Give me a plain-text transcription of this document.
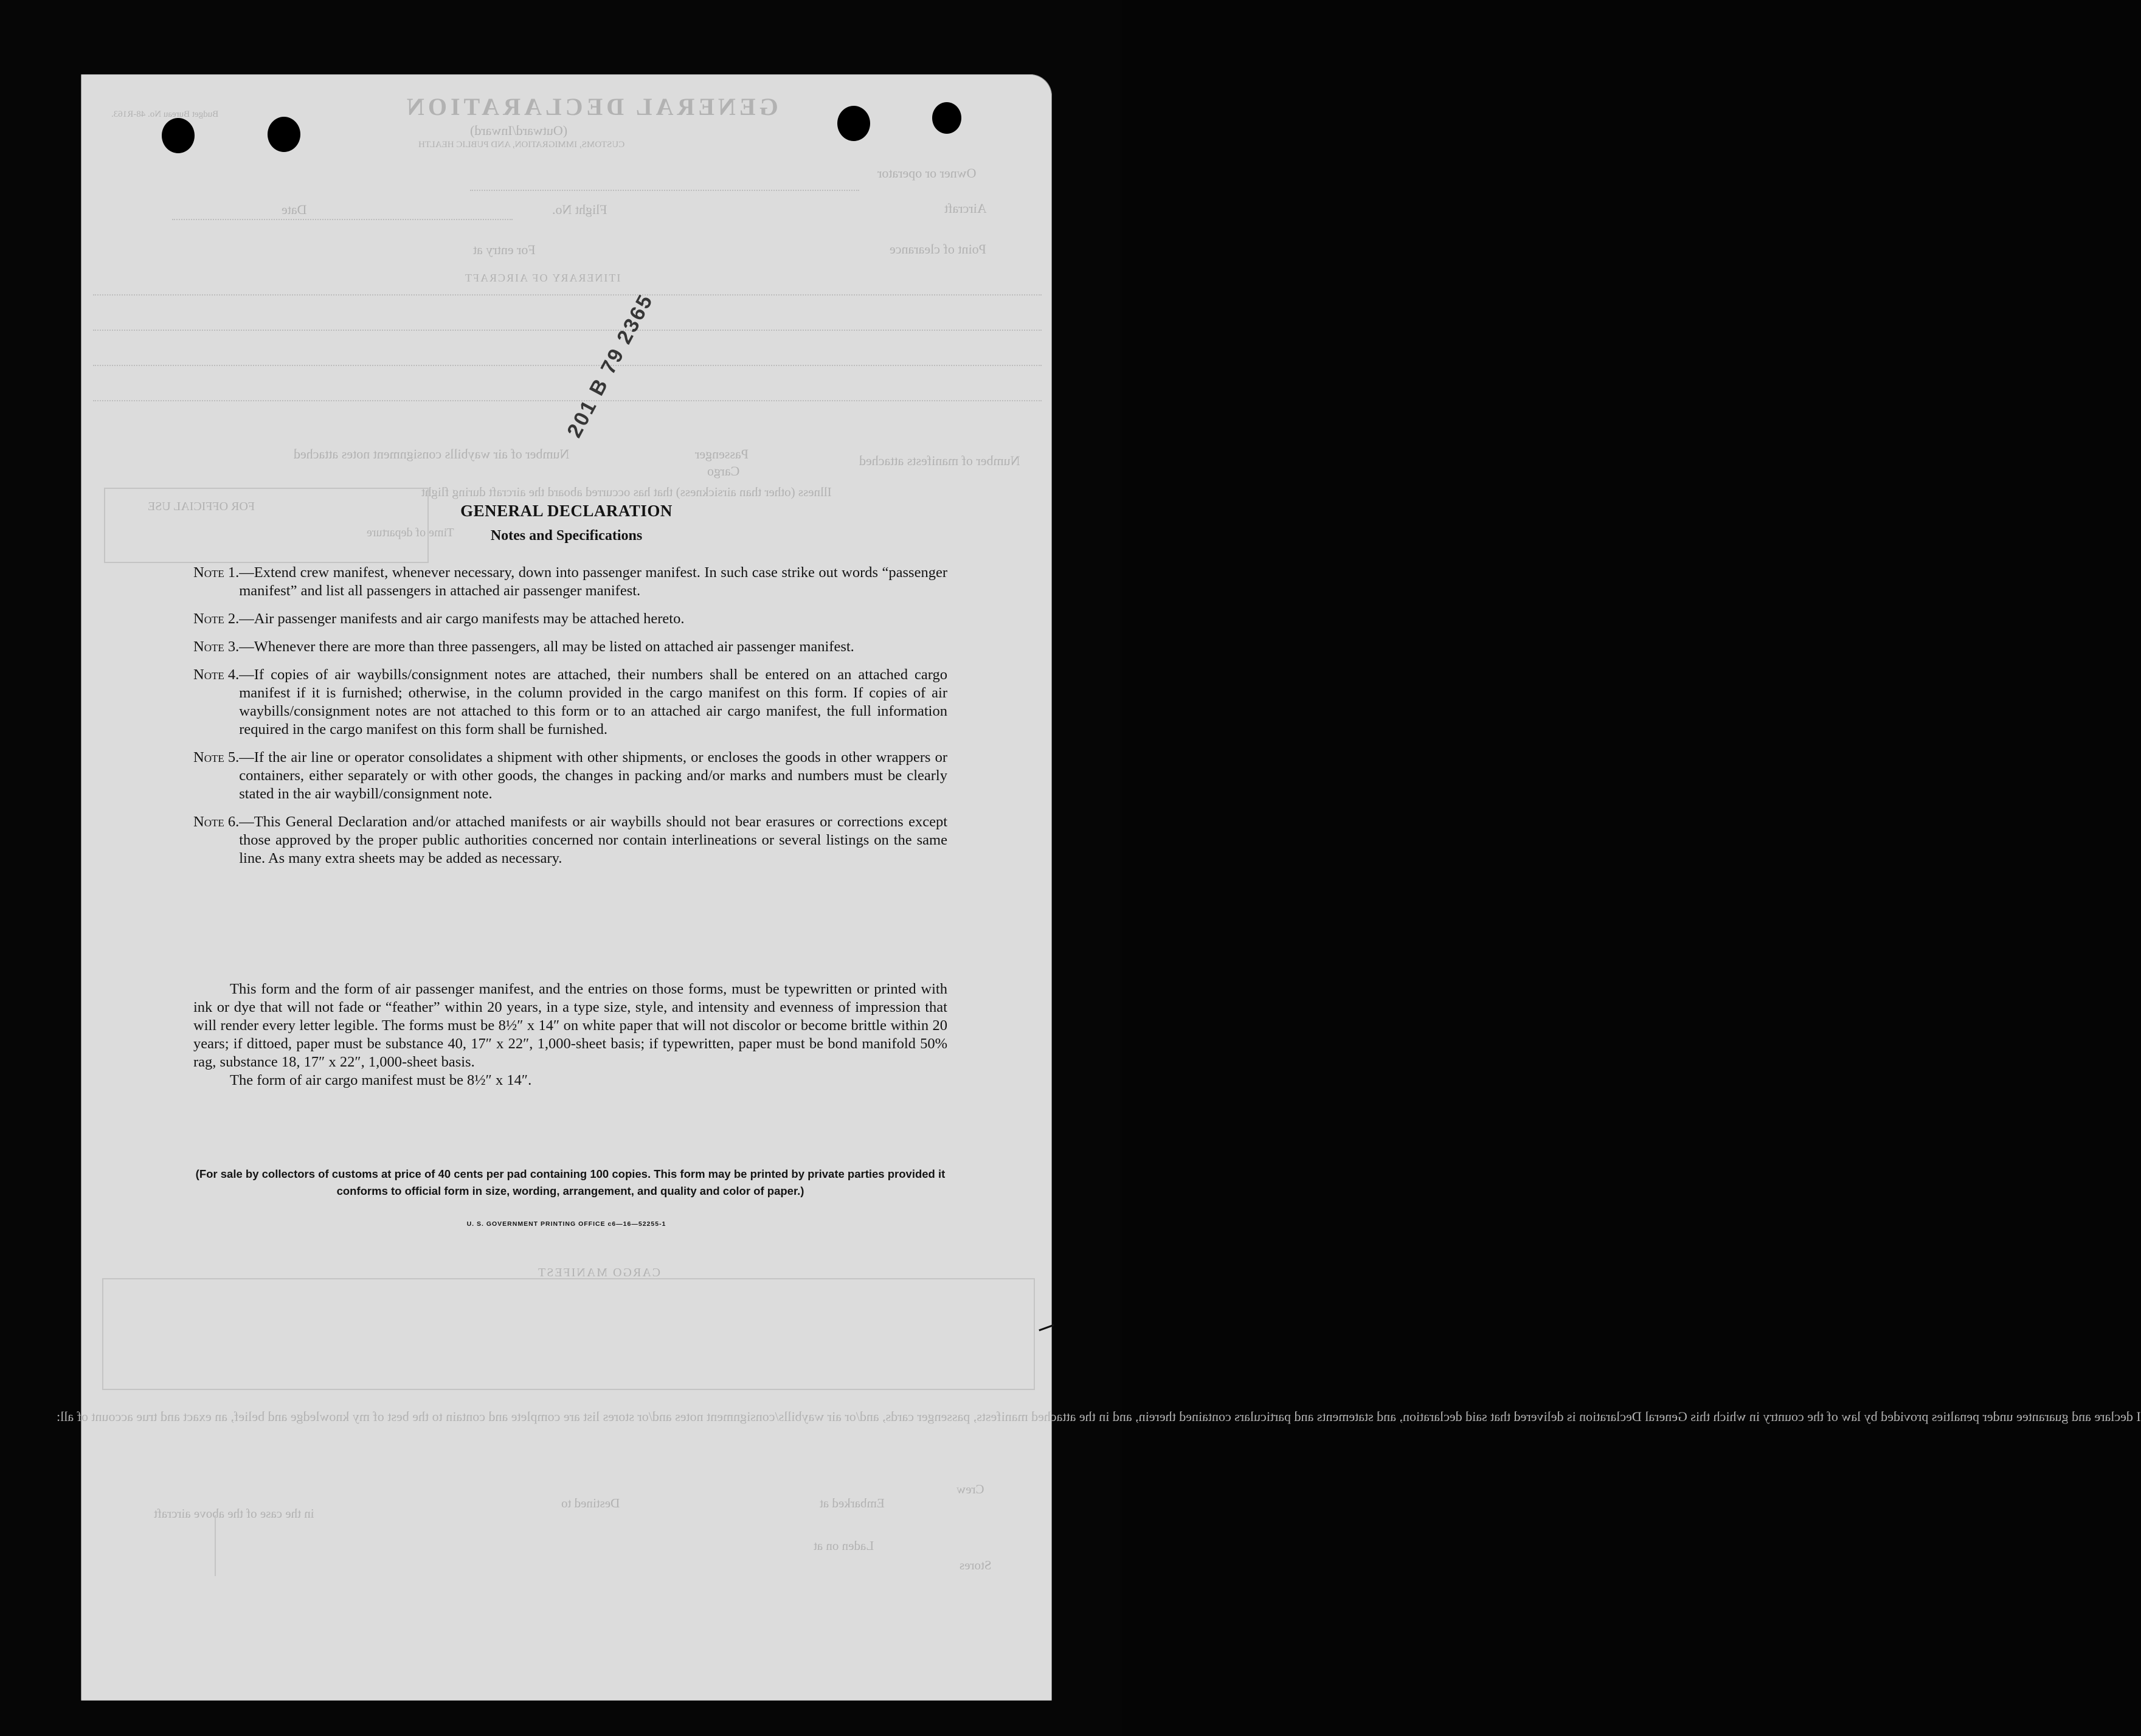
GENERAL DECLARATION
(Outward/Inward)
CUSTOMS, IMMIGRATION, AND PUBLIC HEALTH
Budget Bureau No. 48-R163.
Owner or operator
Aircraft
Flight No.
Date
Point of clearance
For entry at
ITINERARY OF AIRCRAFT
Number of manifests attached
Passenger
Cargo
Number of air waybills consignment notes attached
Illness (other than airsickness) that has occurred aboard the aircraft during flight
FOR OFFICIAL USE
Time of departure
CARGO MANIFEST
I declare and guarantee under penalties provided by law of the country in which this General Declaration is delivered that said declaration, and statements and particulars contained therein, and in the attached manifests, passenger cards, and/or air waybills/consignment notes and/or stores list are complete and contain to the best of my knowledge and belief, an exact and true account of all:
Crew
Embarked at
Destined to
in the case of the above aircraft
Laden on at
Stores
201 B 79 2365
GENERAL DECLARATION
Notes and Specifications
Note 1. —Extend crew manifest, whenever necessary, down into passenger manifest. In such case strike out words “passenger manifest” and list all passengers in attached air passenger manifest.
Note 2. —Air passenger manifests and air cargo manifests may be attached hereto.
Note 3. —Whenever there are more than three passengers, all may be listed on attached air passenger manifest.
Note 4. —If copies of air waybills/consignment notes are attached, their numbers shall be entered on an attached cargo manifest if it is furnished; otherwise, in the column provided in the cargo manifest on this form. If copies of air waybills/consignment notes are not attached to this form or to an attached air cargo manifest, the full information required in the cargo manifest on this form shall be furnished.
Note 5. —If the air line or operator consolidates a shipment with other shipments, or encloses the goods in other wrappers or containers, either separately or with other goods, the changes in packing and/or marks and numbers must be clearly stated in the air waybill/consignment note.
Note 6. —This General Declaration and/or attached manifests or air waybills should not bear erasures or corrections except those approved by the proper public authorities concerned nor contain interlineations or several listings on the same line. As many extra sheets may be added as necessary.

This form and the form of air passenger manifest, and the entries on those forms, must be typewritten or printed with ink or dye that will not fade or “feather” within 20 years, in a type size, style, and intensity and evenness of impression that will render every letter legible. The forms must be 8½″ x 14″ on white paper that will not discolor or become brittle within 20 years; if dittoed, paper must be substance 40, 17″ x 22″, 1,000-sheet basis; if typewritten, paper must be bond manifold 50% rag, substance 18, 17″ x 22″, 1,000-sheet basis.

The form of air cargo manifest must be 8½″ x 14″.

(For sale by collectors of customs at price of 40 cents per pad containing 100 copies. This form may be printed by private parties provided it conforms to official form in size, wording, arrangement, and quality and color of paper.)
U. S. GOVERNMENT PRINTING OFFICE c6—16—52255-1
